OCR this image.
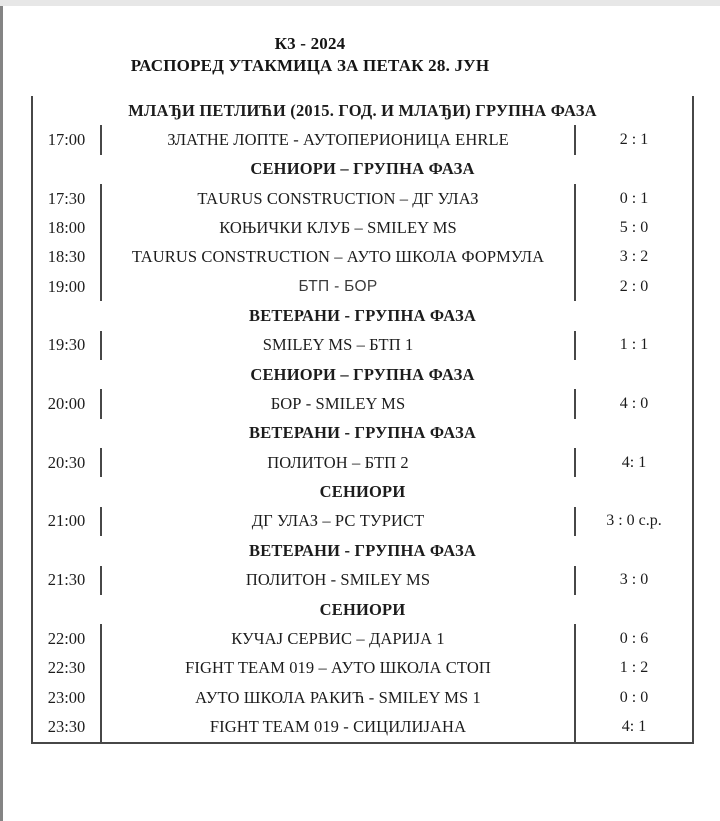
К3 - 2024
РАСПОРЕД УТАКМИЦА ЗА ПЕТАК 28. ЈУН
МЛАЂИ ПЕТЛИЋИ (2015. ГОД. И МЛАЂИ) ГРУПНА ФАЗА
17:00	ЗЛАТНЕ ЛОПТЕ - АУТОПЕРИОНИЦА EHRLE	2 : 1
СЕНИОРИ – ГРУПНА ФАЗА
17:30	TAURUS CONSTRUCTION – ДГ УЛАЗ	0 : 1
18:00	КОЊИЧКИ КЛУБ – SMILEY MS	5 : 0
18:30	TAURUS CONSTRUCTION – АУТО ШКОЛА ФОРМУЛА	3 : 2
19:00	БТП - БОР	2 : 0
ВЕТЕРАНИ - ГРУПНА ФАЗА
19:30	SMILEY MS – БТП 1	1 : 1
СЕНИОРИ – ГРУПНА ФАЗА
20:00	БОР - SMILEY MS	4 : 0
ВЕТЕРАНИ - ГРУПНА ФАЗА
20:30	ПОЛИТОН – БТП 2	4: 1
СЕНИОРИ
21:00	ДГ УЛАЗ – РС ТУРИСТ	3 : 0 с.р.
ВЕТЕРАНИ - ГРУПНА ФАЗА
21:30	ПОЛИТОН - SMILEY MS	3 : 0
СЕНИОРИ
22:00	КУЧАЈ СЕРВИС – ДАРИЈА 1	0 : 6
22:30	FIGHT TEAM 019 – АУТО ШКОЛА СТОП	1 : 2
23:00	АУТО ШКОЛА РАКИЋ - SMILEY MS 1	0 : 0
23:30	FIGHT TEAM 019 - СИЦИЛИЈАНА	4: 1
